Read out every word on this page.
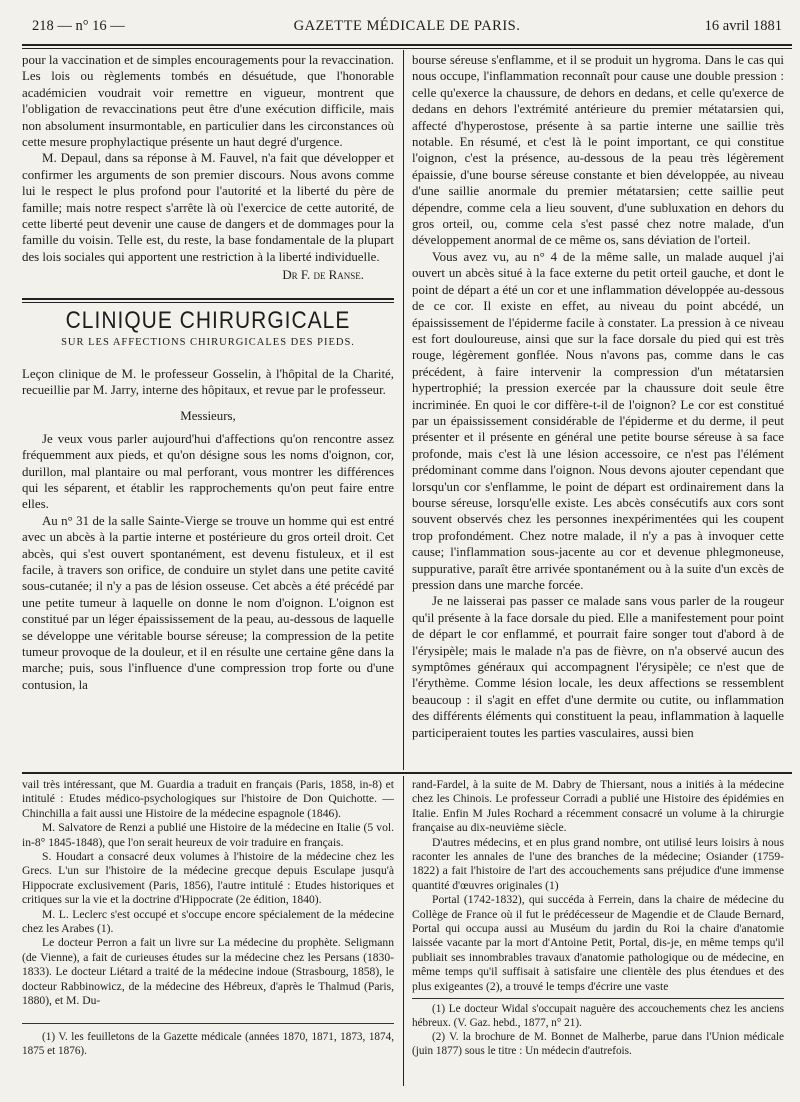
218 — n° 16 —	GAZETTE MÉDICALE DE PARIS.	16 avril 1881

pour la vaccination et de simples encouragements pour la revaccination. Les lois ou règlements tombés en désuétude, que l'honorable académicien voudrait voir remettre en vigueur, montrent que l'obligation de revaccinations peut être d'une exécution difficile, mais non absolument insurmontable, en particulier dans les circonstances où cette mesure prophylactique présente un haut degré d'urgence.

M. Depaul, dans sa réponse à M. Fauvel, n'a fait que développer et confirmer les arguments de son premier discours. Nous avons comme lui le respect le plus profond pour l'autorité et la liberté du père de famille; mais notre respect s'arrête là où l'exercice de cette autorité, de cette liberté peut devenir une cause de dangers et de dommages pour la famille du voisin. Telle est, du reste, la base fondamentale de la plupart des lois sociales qui apportent une restriction à la liberté individuelle.

Dr F. de Ranse.

CLINIQUE CHIRURGICALE

SUR LES AFFECTIONS CHIRURGICALES DES PIEDS.

Leçon clinique de M. le professeur Gosselin, à l'hôpital de la Charité, recueillie par M. Jarry, interne des hôpitaux, et revue par le professeur.

Messieurs,

Je veux vous parler aujourd'hui d'affections qu'on rencontre assez fréquemment aux pieds, et qu'on désigne sous les noms d'oignon, cor, durillon, mal plantaire ou mal perforant, vous montrer les différences qui les séparent, et établir les rapprochements qu'on peut faire entre elles.

Au n° 31 de la salle Sainte-Vierge se trouve un homme qui est entré avec un abcès à la partie interne et postérieure du gros orteil droit. Cet abcès, qui s'est ouvert spontanément, est devenu fistuleux, et il est facile, à travers son orifice, de conduire un stylet dans une petite cavité sous-cutanée; il n'y a pas de lésion osseuse. Cet abcès a été précédé par une petite tumeur à laquelle on donne le nom d'oignon. L'oignon est constitué par un léger épaississement de la peau, au-dessous de laquelle se développe une véritable bourse séreuse; la compression de la petite tumeur provoque de la douleur, et il en résulte une certaine gêne dans la marche; puis, sous l'influence d'une compression trop forte ou d'une contusion, la

bourse séreuse s'enflamme, et il se produit un hygroma. Dans le cas qui nous occupe, l'inflammation reconnaît pour cause une double pression : celle qu'exerce la chaussure, de dehors en dedans, et celle qu'exerce de dedans en dehors l'extrémité antérieure du premier métatarsien qui, affecté d'hyperostose, présente à sa partie interne une saillie très notable. En résumé, et c'est là le point important, ce qui constitue l'oignon, c'est la présence, au-dessous de la peau très légèrement épaissie, d'une bourse séreuse constante et bien développée, au niveau d'une saillie anormale du premier métatarsien; cette saillie peut dépendre, comme cela a lieu souvent, d'une subluxation en dehors du gros orteil, ou, comme cela s'est passé chez notre malade, d'un développement anormal de ce même os, sans déviation de l'orteil.

Vous avez vu, au n° 4 de la même salle, un malade auquel j'ai ouvert un abcès situé à la face externe du petit orteil gauche, et dont le point de départ a été un cor et une inflammation développée au-dessous de ce cor. Il existe en effet, au niveau du point abcédé, un épaississement de l'épiderme facile à constater. La pression à ce niveau est fort douloureuse, ainsi que sur la face dorsale du pied qui est très rouge, légèrement gonflée. Nous n'avons pas, comme dans le cas précédent, à faire intervenir la compression d'un métatarsien hypertrophié; la pression exercée par la chaussure doit seule être incriminée. En quoi le cor diffère-t-il de l'oignon? Le cor est constitué par un épaississement considérable de l'épiderme et du derme, il peut présenter et il présente en général une petite bourse séreuse à sa face profonde, mais c'est là une lésion accessoire, ce n'est pas l'élément prédominant comme dans l'oignon. Nous devons ajouter cependant que lorsqu'un cor s'enflamme, le point de départ est ordinairement dans la bourse séreuse, lorsqu'elle existe. Les abcès consécutifs aux cors sont souvent observés chez les personnes inexpérimentées qui les coupent trop profondément. Chez notre malade, il n'y a pas à invoquer cette cause; l'inflammation sous-jacente au cor et devenue phlegmoneuse, suppurative, paraît être arrivée spontanément ou à la suite d'un excès de pression dans une marche forcée.

Je ne laisserai pas passer ce malade sans vous parler de la rougeur qu'il présente à la face dorsale du pied. Elle a manifestement pour point de départ le cor enflammé, et pourrait faire songer tout d'abord à de l'érysipèle; mais le malade n'a pas de fièvre, on n'a observé aucun des symptômes généraux qui accompagnent l'érysipèle; ce n'est que de l'érythème. Comme lésion locale, les deux affections se ressemblent beaucoup : il s'agit en effet d'une dermite ou cutite, ou inflammation des différents éléments qui constituent la peau, inflammation à laquelle participeraient toutes les parties vasculaires, aussi bien

vail très intéressant, que M. Guardia a traduit en français (Paris, 1858, in-8) et intitulé : Etudes médico-psychologiques sur l'histoire de Don Quichotte. — Chinchilla a fait aussi une Histoire de la médecine espagnole (1846).

M. Salvatore de Renzi a publié une Histoire de la médecine en Italie (5 vol. in-8° 1845-1848), que l'on serait heureux de voir traduire en français.

S. Houdart a consacré deux volumes à l'histoire de la médecine chez les Grecs. L'un sur l'histoire de la médecine grecque depuis Esculape jusqu'à Hippocrate exclusivement (Paris, 1856), l'autre intitulé : Etudes historiques et critiques sur la vie et la doctrine d'Hippocrate (2e édition, 1840).

M. L. Leclerc s'est occupé et s'occupe encore spécialement de la médecine chez les Arabes (1).

Le docteur Perron a fait un livre sur La médecine du prophète. Seligmann (de Vienne), a fait de curieuses études sur la médecine chez les Persans (1830-1833). Le docteur Liétard a traité de la médecine indoue (Strasbourg, 1858), le docteur Rabbinowicz, de la médecine des Hébreux, d'après le Thalmud (Paris, 1880), et M. Du-

(1) V. les feuilletons de la Gazette médicale (années 1870, 1871, 1873, 1874, 1875 et 1876).

rand-Fardel, à la suite de M. Dabry de Thiersant, nous a initiés à la médecine chez les Chinois. Le professeur Corradi a publié une Histoire des épidémies en Italie. Enfin M Jules Rochard a récemment consacré un volume à la chirurgie française au dix-neuvième siècle.

D'autres médecins, et en plus grand nombre, ont utilisé leurs loisirs à nous raconter les annales de l'une des branches de la médecine; Osiander (1759-1822) a fait l'histoire de l'art des accouchements sans préjudice d'une immense quantité d'œuvres originales (1)

Portal (1742-1832), qui succéda à Ferrein, dans la chaire de médecine du Collège de France où il fut le prédécesseur de Magendie et de Claude Bernard, Portal qui occupa aussi au Muséum du jardin du Roi la chaire d'anatomie laissée vacante par la mort d'Antoine Petit, Portal, dis-je, en même temps qu'il publiait ses innombrables travaux d'anatomie pathologique ou de médecine, en même temps qu'il suffisait à satisfaire une clientèle des plus étendues et des plus exigeantes (2), a trouvé le temps d'écrire une vaste

(1) Le docteur Widal s'occupait naguère des accouchements chez les anciens hébreux. (V. Gaz. hebd., 1877, n° 21).

(2) V. la brochure de M. Bonnet de Malherbe, parue dans l'Union médicale (juin 1877) sous le titre : Un médecin d'autrefois.
